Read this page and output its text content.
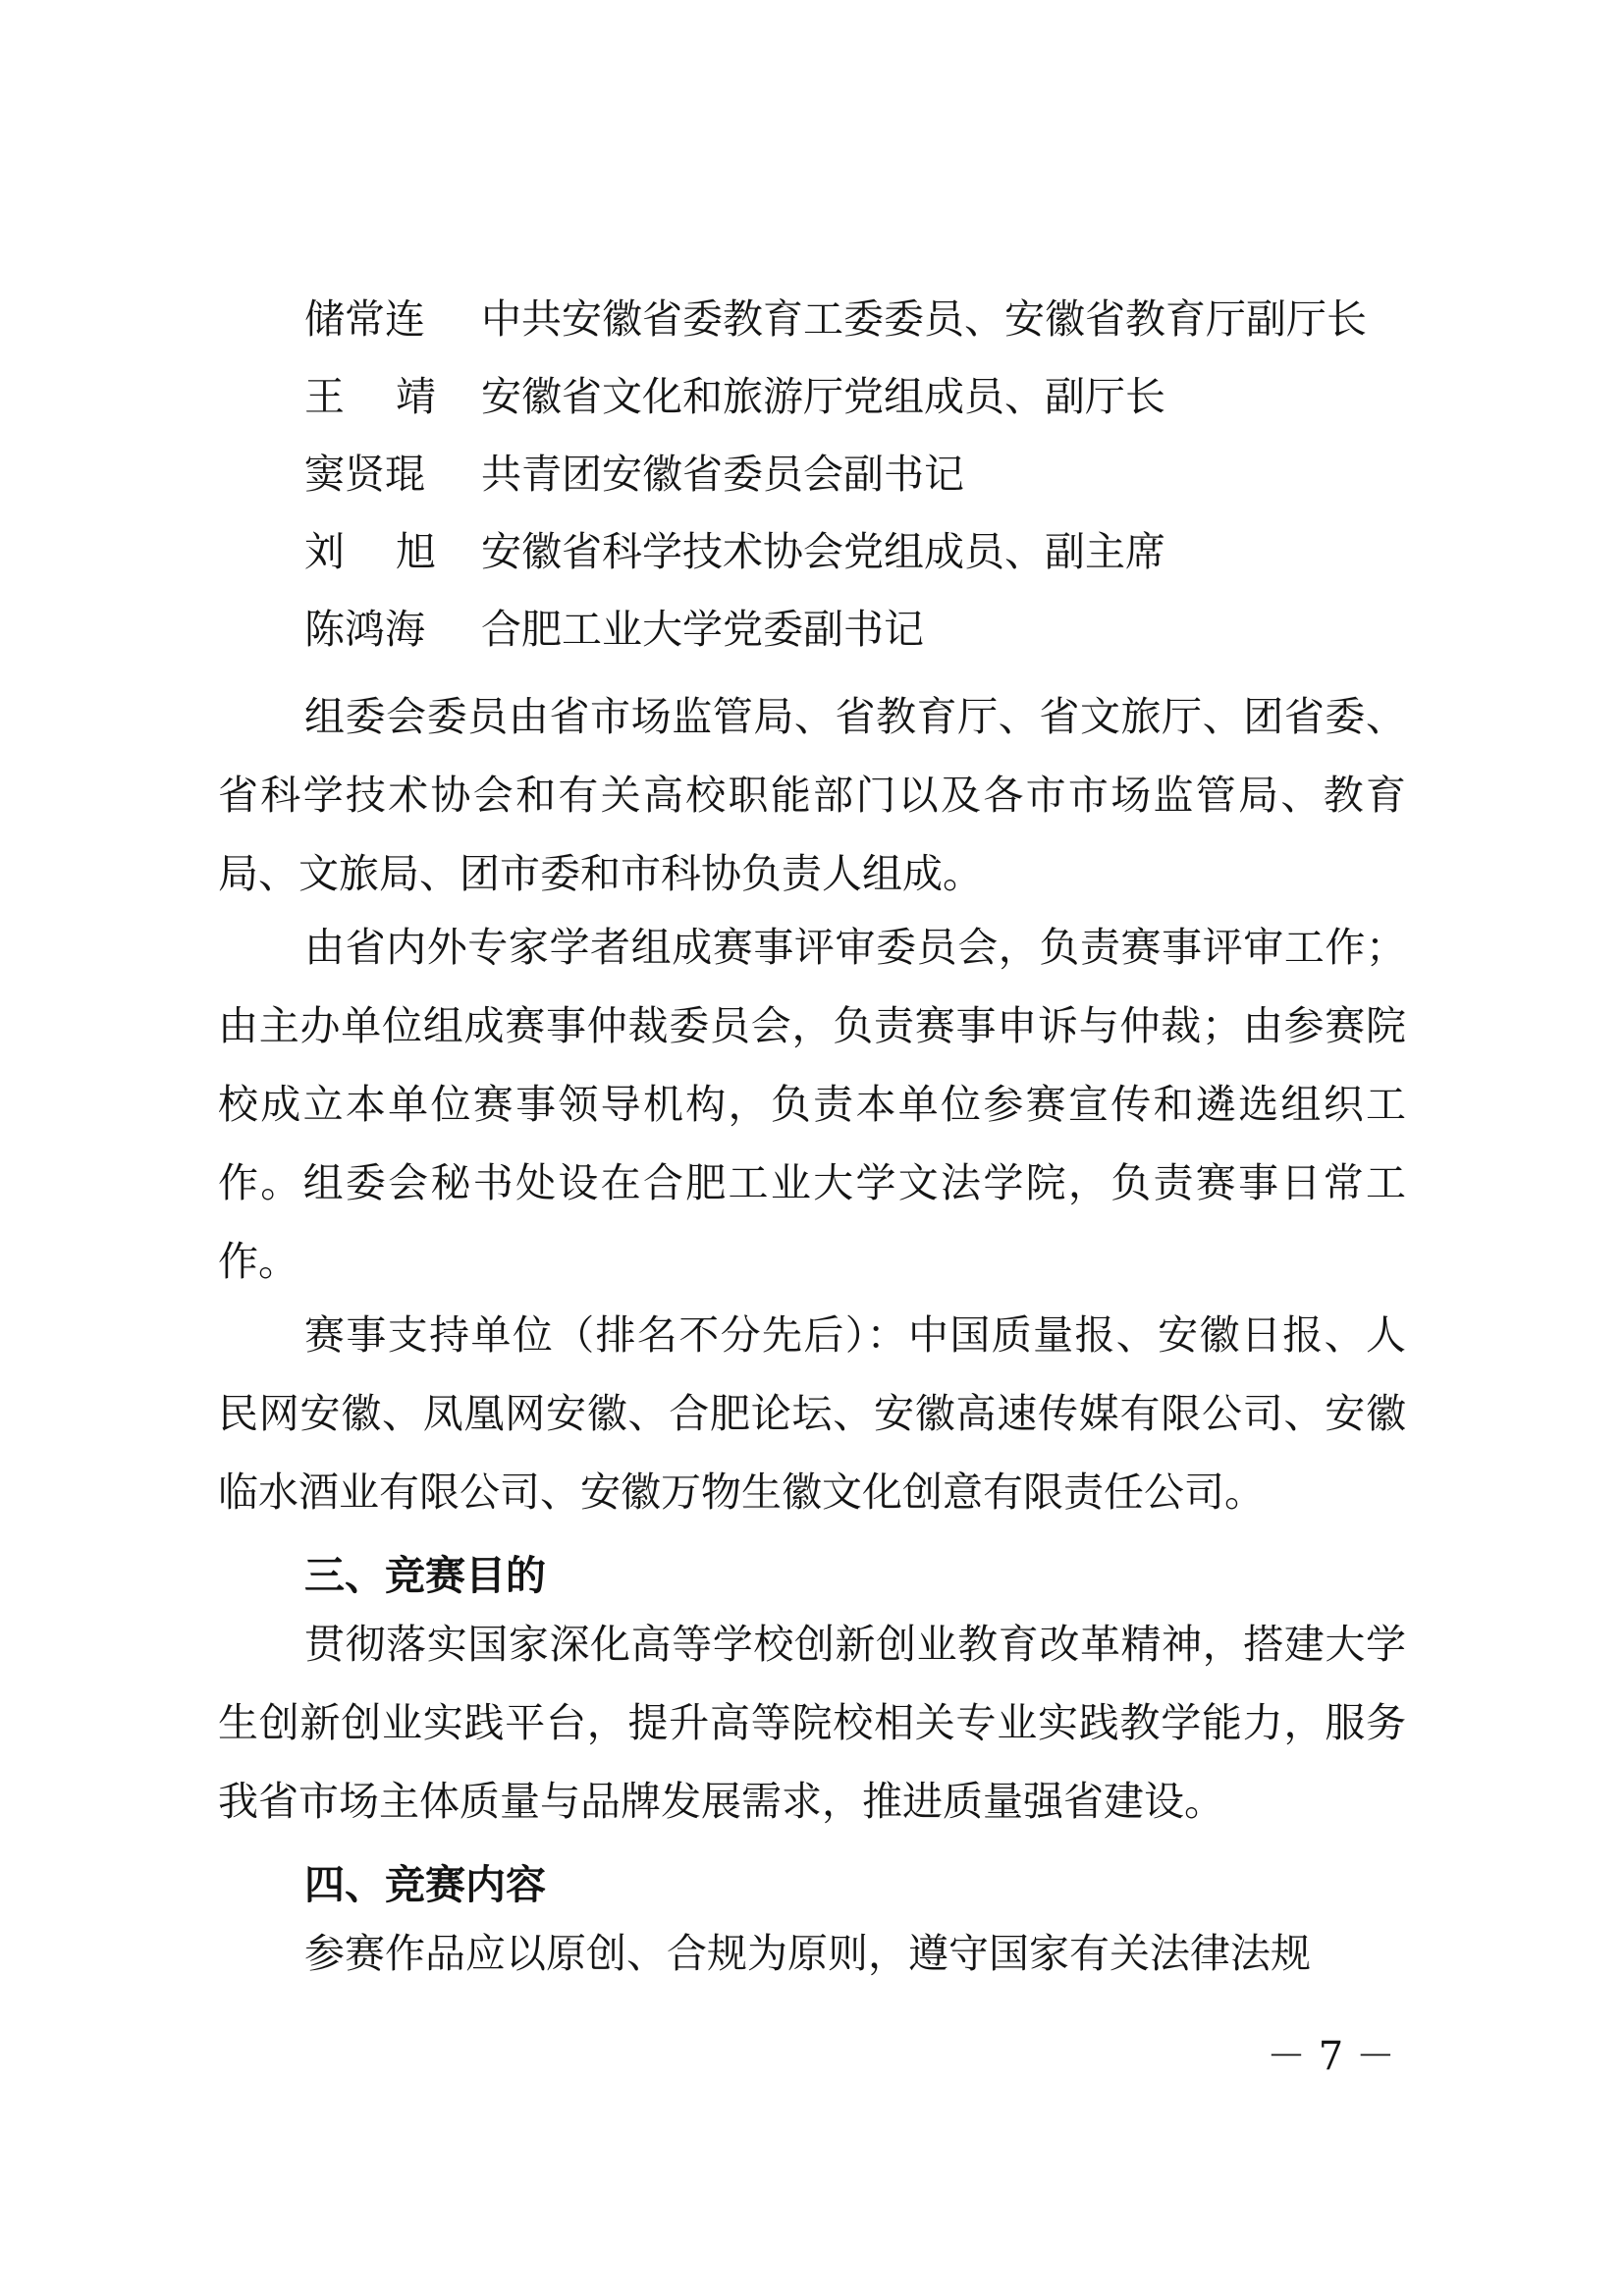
储常连 中共安徽省委教育工委委员、安徽省教育厅副厅长
王靖安徽省文化和旅游厅党组成员、副厅长
窦贤琨 共青团安徽省委员会副书记
刘旭安徽省科学技术协会党组成员、副主席
陈鸿海 合肥工业大学党委副书记

组委会委员由省市场监管局、省教育厅、省文旅厅、团省委、省科学技术协会和有关高校职能部门以及各市市场监管局、教育局、文旅局、团市委和市科协负责人组成。

由省内外专家学者组成赛事评审委员会，负责赛事评审工作；由主办单位组成赛事仲裁委员会，负责赛事申诉与仲裁；由参赛院校成立本单位赛事领导机构，负责本单位参赛宣传和遴选组织工作。组委会秘书处设在合肥工业大学文法学院，负责赛事日常工作。

赛事支持单位（排名不分先后）：中国质量报、安徽日报、人民网安徽、凤凰网安徽、合肥论坛、安徽高速传媒有限公司、安徽临水酒业有限公司、安徽万物生徽文化创意有限责任公司。

三、竞赛目的

贯彻落实国家深化高等学校创新创业教育改革精神，搭建大学生创新创业实践平台，提升高等院校相关专业实践教学能力，服务我省市场主体质量与品牌发展需求，推进质量强省建设。

四、竞赛内容

参赛作品应以原创、合规为原则，遵守国家有关法律法规

－ 7 －
